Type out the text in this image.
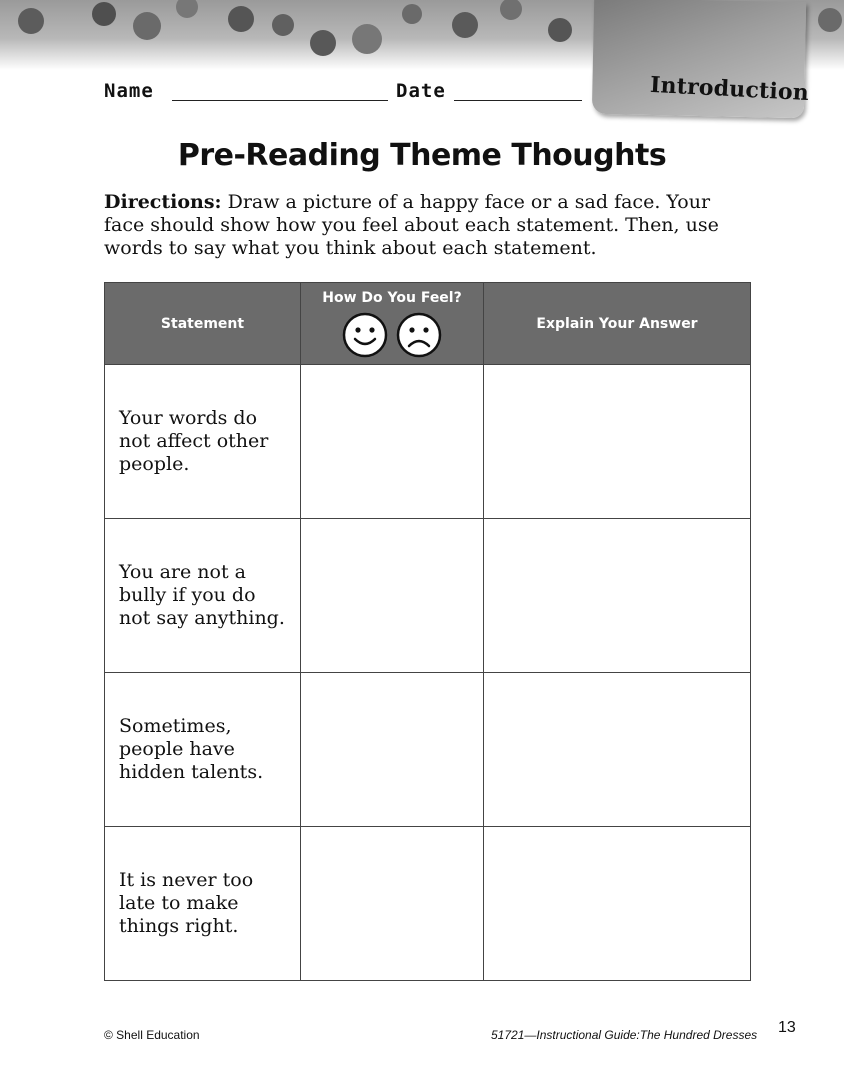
Introduction
Name	Date
Pre-Reading Theme Thoughts
Directions: Draw a picture of a happy face or a sad face. Your face should show how you feel about each statement. Then, use words to say what you think about each statement.
Statement	How Do You Feel?	Explain Your Answer

Your words do not affect other people.		

You are not a bully if you do not say anything.		

Sometimes, people have hidden talents.		

It is never too late to make things right.		

© Shell Education	51721—Instructional Guide:The Hundred Dresses 13
